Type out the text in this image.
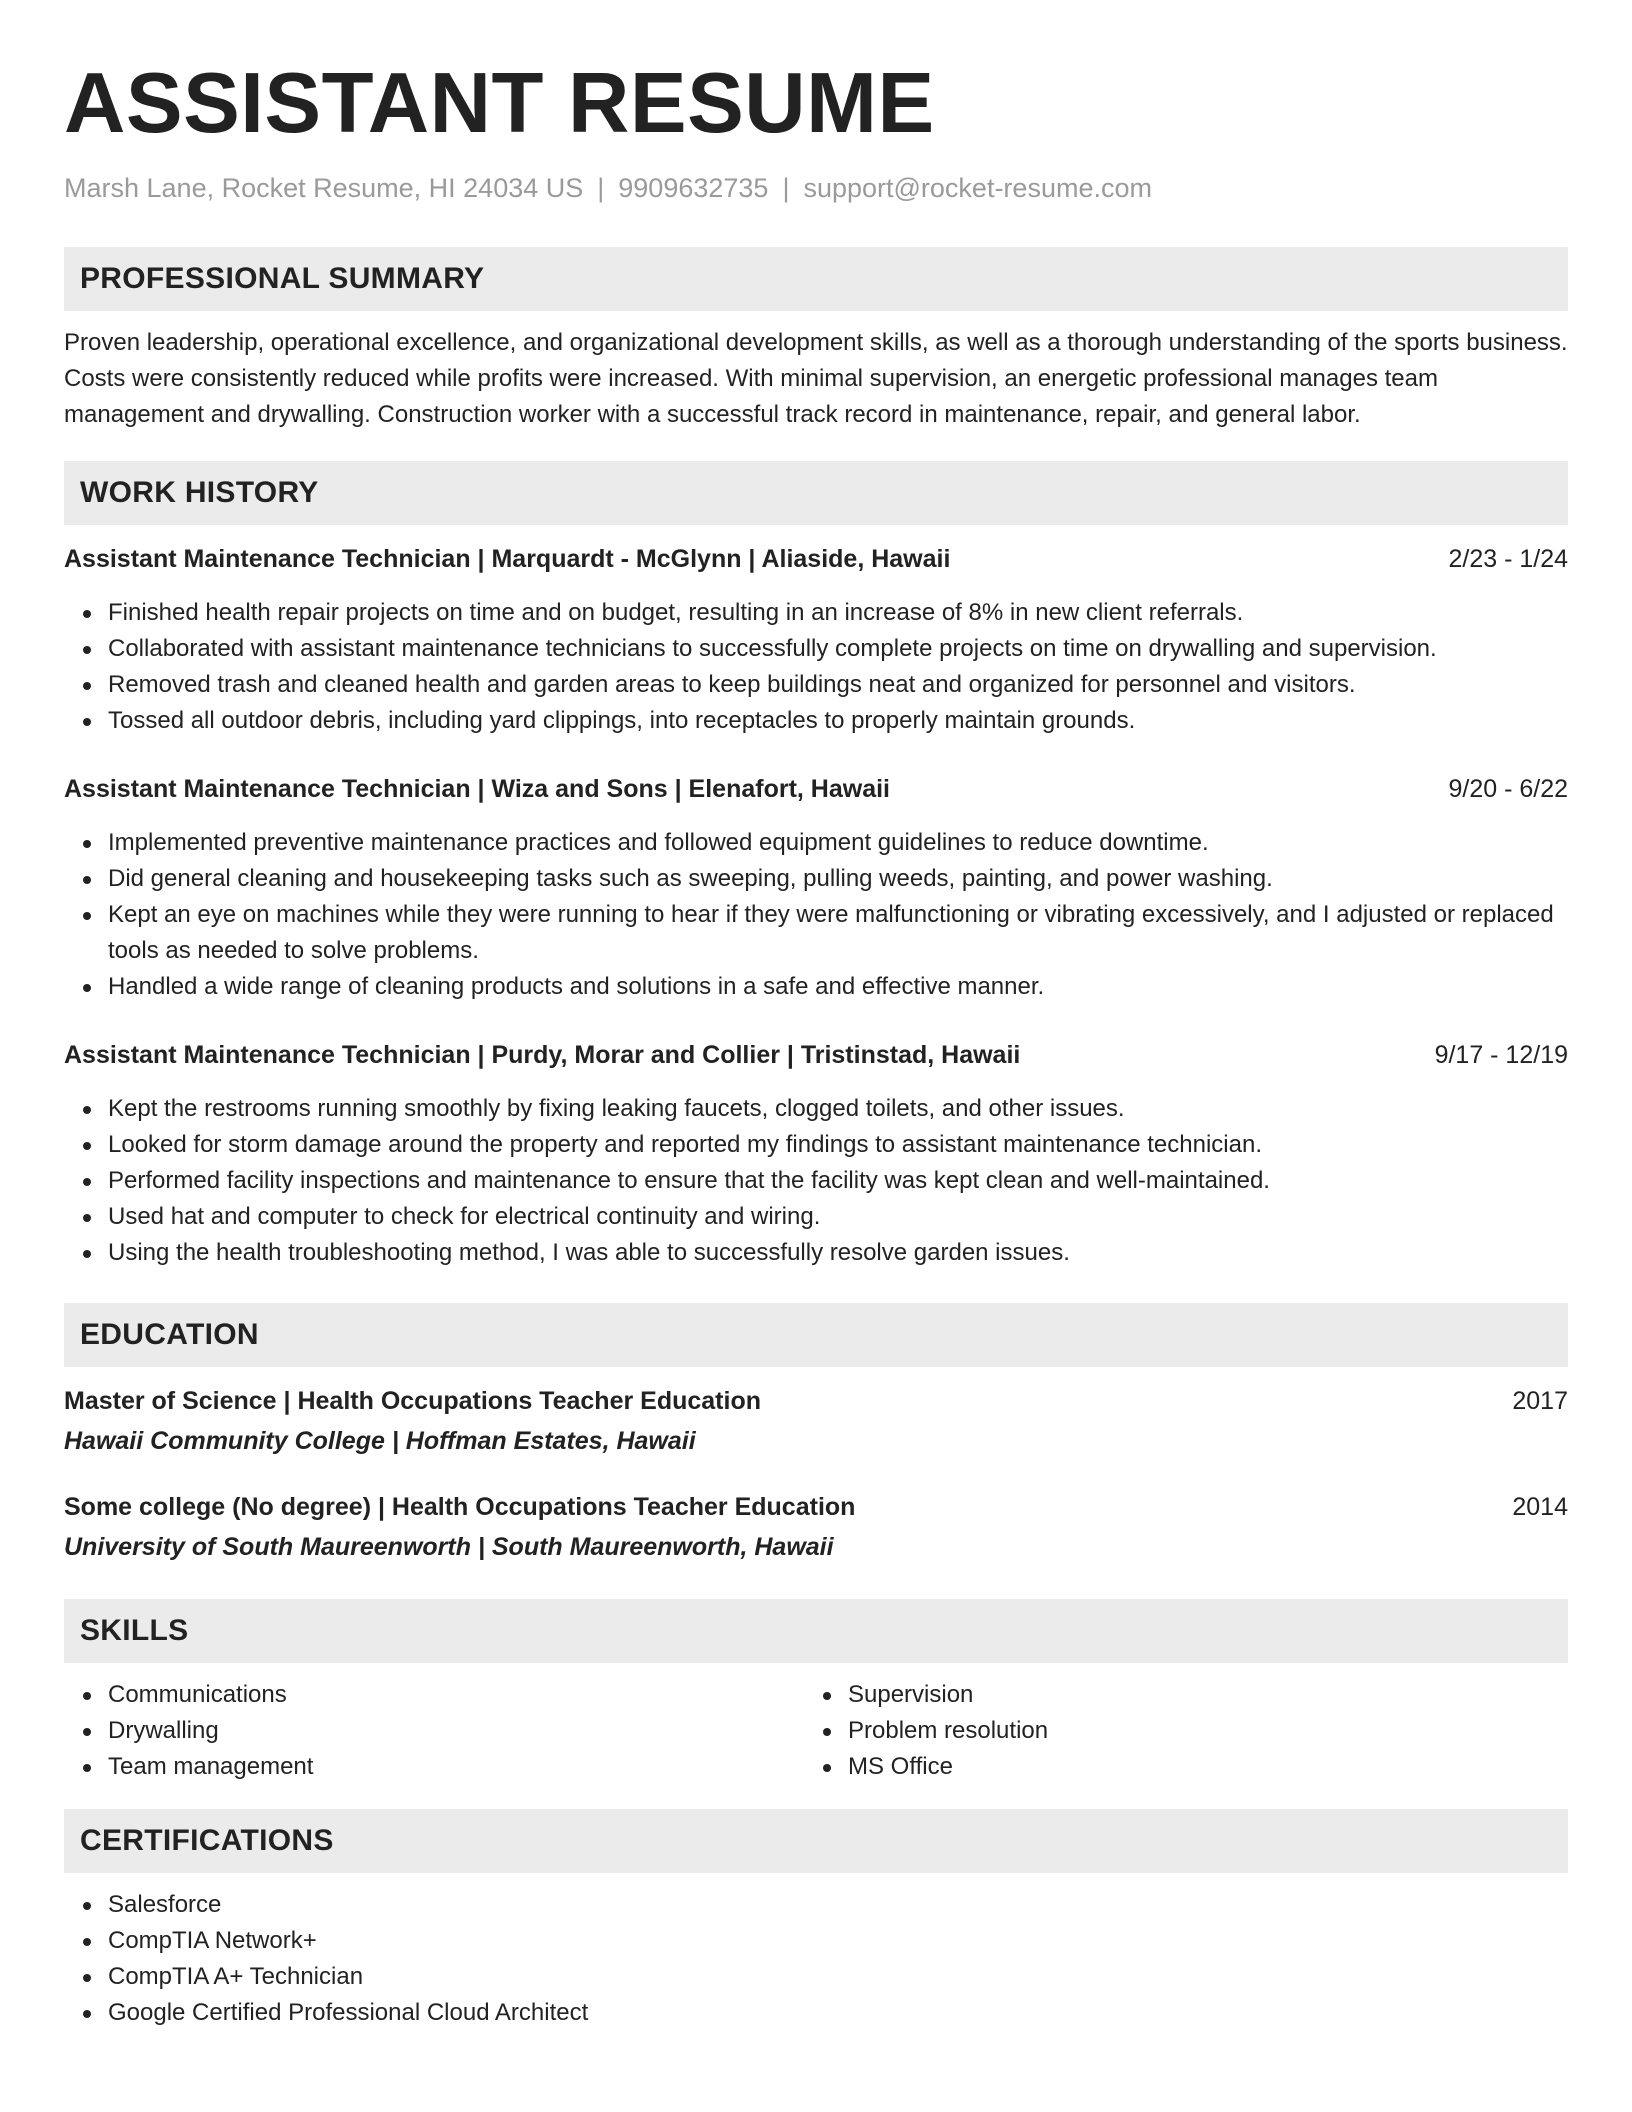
ASSISTANT RESUME
Marsh Lane, Rocket Resume, HI 24034 US | 9909632735 | support@rocket-resume.com
PROFESSIONAL SUMMARY
Proven leadership, operational excellence, and organizational development skills, as well as a thorough understanding of the sports business. Costs were consistently reduced while profits were increased. With minimal supervision, an energetic professional manages team management and drywalling. Construction worker with a successful track record in maintenance, repair, and general labor.
WORK HISTORY
Assistant Maintenance Technician | Marquardt - McGlynn | Aliaside, Hawaii	2/23 - 1/24
Finished health repair projects on time and on budget, resulting in an increase of 8% in new client referrals.
Collaborated with assistant maintenance technicians to successfully complete projects on time on drywalling and supervision.
Removed trash and cleaned health and garden areas to keep buildings neat and organized for personnel and visitors.
Tossed all outdoor debris, including yard clippings, into receptacles to properly maintain grounds.
Assistant Maintenance Technician | Wiza and Sons | Elenafort, Hawaii	9/20 - 6/22
Implemented preventive maintenance practices and followed equipment guidelines to reduce downtime.
Did general cleaning and housekeeping tasks such as sweeping, pulling weeds, painting, and power washing.
Kept an eye on machines while they were running to hear if they were malfunctioning or vibrating excessively, and I adjusted or replaced tools as needed to solve problems.
Handled a wide range of cleaning products and solutions in a safe and effective manner.
Assistant Maintenance Technician | Purdy, Morar and Collier | Tristinstad, Hawaii	9/17 - 12/19
Kept the restrooms running smoothly by fixing leaking faucets, clogged toilets, and other issues.
Looked for storm damage around the property and reported my findings to assistant maintenance technician.
Performed facility inspections and maintenance to ensure that the facility was kept clean and well-maintained.
Used hat and computer to check for electrical continuity and wiring.
Using the health troubleshooting method, I was able to successfully resolve garden issues.
EDUCATION
Master of Science | Health Occupations Teacher Education	2017
Hawaii Community College | Hoffman Estates, Hawaii
Some college (No degree) | Health Occupations Teacher Education	2014
University of South Maureenworth | South Maureenworth, Hawaii
SKILLS
Communications
Drywalling
Team management
Supervision
Problem resolution
MS Office
CERTIFICATIONS
Salesforce
CompTIA Network+
CompTIA A+ Technician
Google Certified Professional Cloud Architect
